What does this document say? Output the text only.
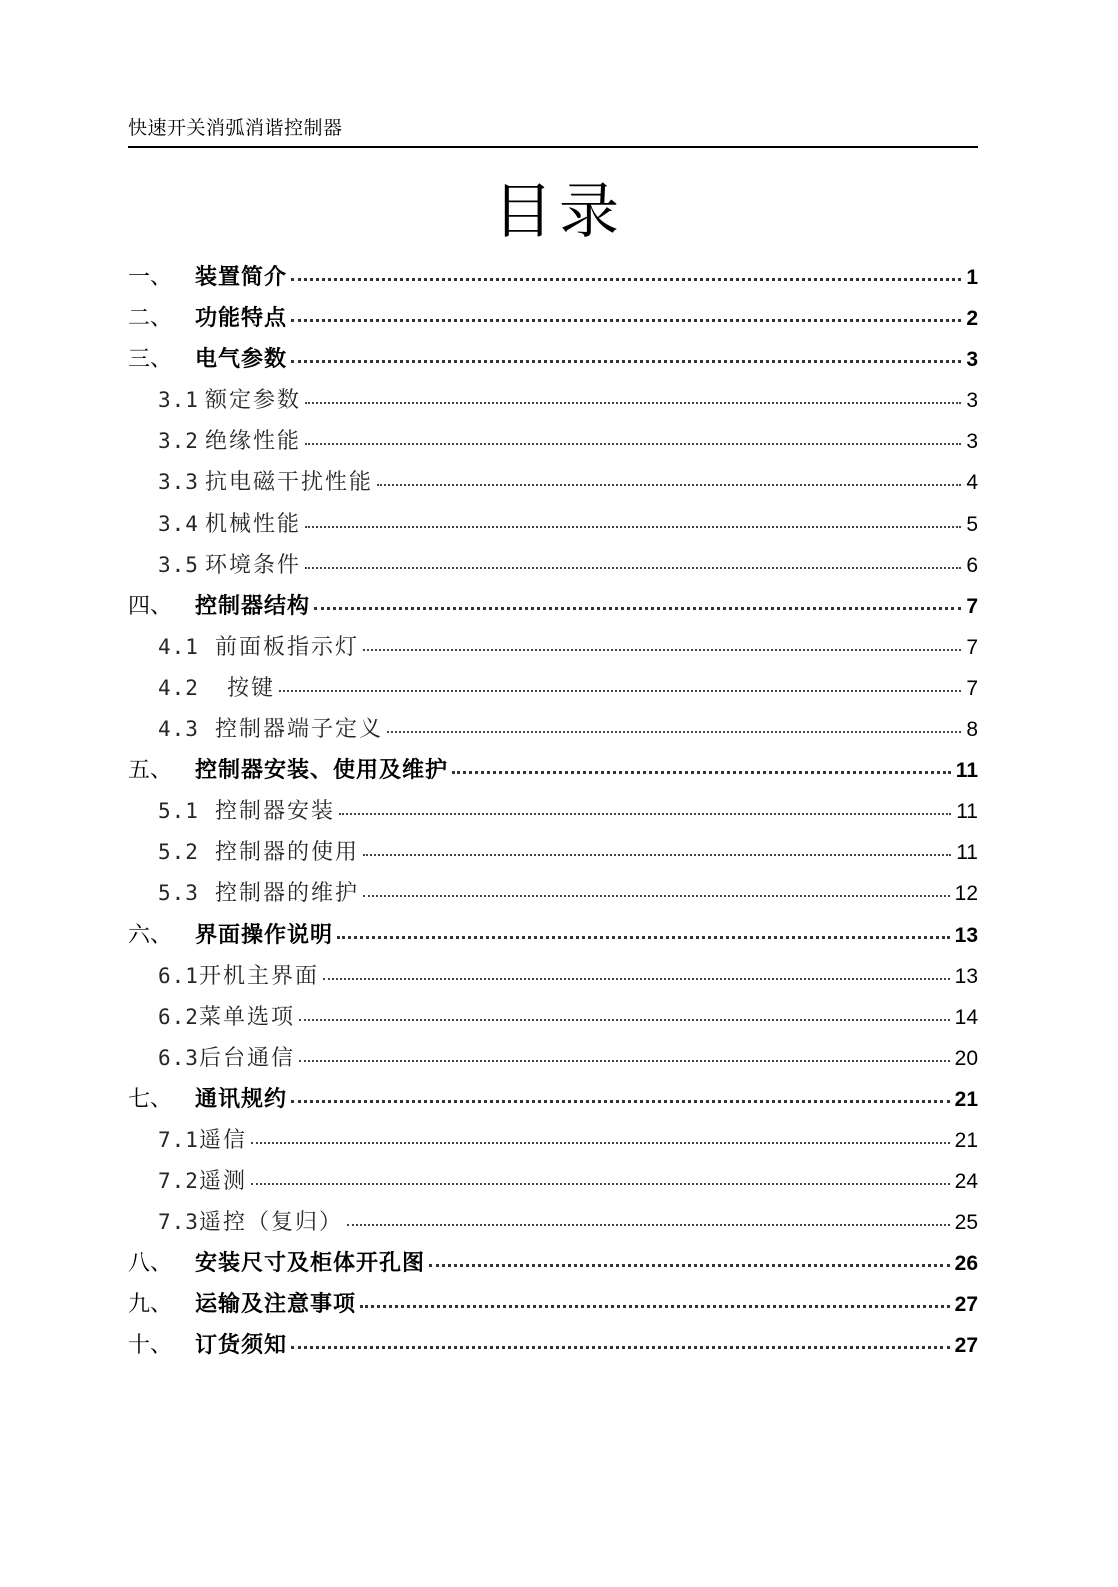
快速开关消弧消谐控制器
目录
一、	装置简介	1
二、	功能特点	2
三、	电气参数	3
3.1 额定参数	3
3.2 绝缘性能	3
3.3 抗电磁干扰性能	4
3.4 机械性能	5
3.5 环境条件	6
四、	控制器结构	7
4.1 前面板指示灯	7
4.2 按键	7
4.3 控制器端子定义	8
五、	控制器安装、使用及维护	11
5.1 控制器安装	11
5.2 控制器的使用	11
5.3 控制器的维护	12
六、	界面操作说明	13
6.1 开机主界面	13
6.2 菜单选项	14
6.3 后台通信	20
七、	通讯规约	21
7.1 遥信	21
7.2 遥测	24
7.3 遥控（复归）	25
八、	安装尺寸及柜体开孔图	26
九、	运输及注意事项	27
十、	订货须知	27
